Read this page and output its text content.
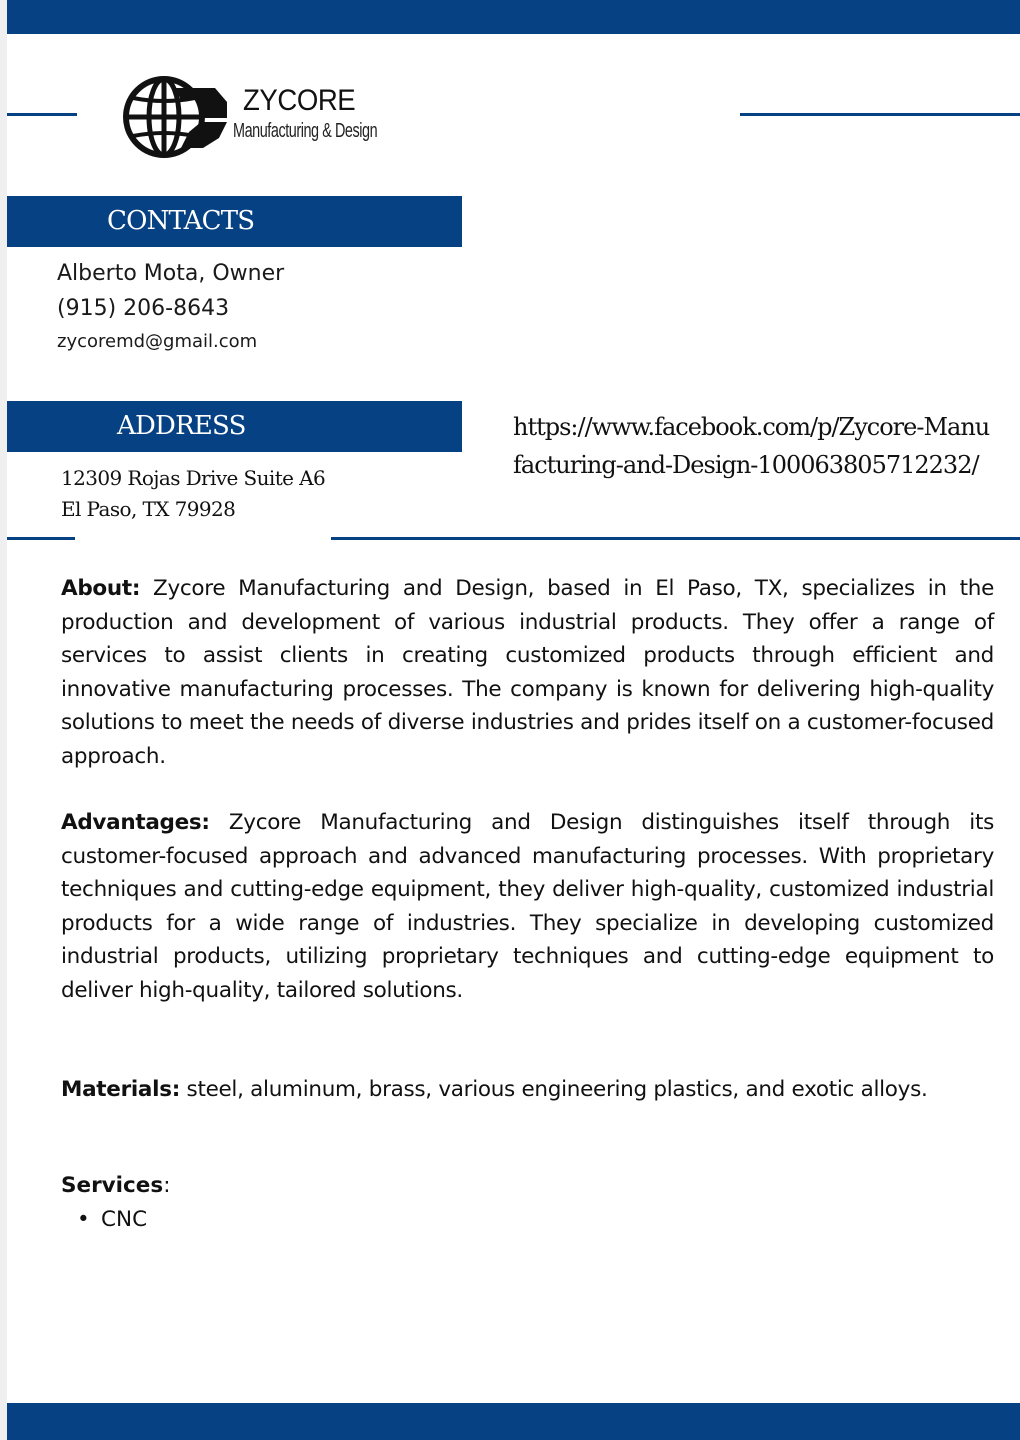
ZYCORE
Manufacturing & Design
CONTACTS
Alberto Mota, Owner
(915) 206-8643
zycoremd@gmail.com
ADDRESS
12309 Rojas Drive Suite A6
El Paso, TX 79928
https://www.facebook.com/p/Zycore-Manufacturing-and-Design-100063805712232/
About: Zycore Manufacturing and Design, based in El Paso, TX, specializes in the production and development of various industrial products. They offer a range of services to assist clients in creating customized products through efficient and innovative manufacturing processes. The company is known for delivering high-quality solutions to meet the needs of diverse industries and prides itself on a customer-focused approach.
Advantages: Zycore Manufacturing and Design distinguishes itself through its customer-focused approach and advanced manufacturing processes. With proprietary techniques and cutting-edge equipment, they deliver high-quality, customized industrial products for a wide range of industries. They specialize in developing customized industrial products, utilizing proprietary techniques and cutting-edge equipment to deliver high-quality, tailored solutions.
Materials: steel, aluminum, brass, various engineering plastics, and exotic alloys.
Services:
• CNC
